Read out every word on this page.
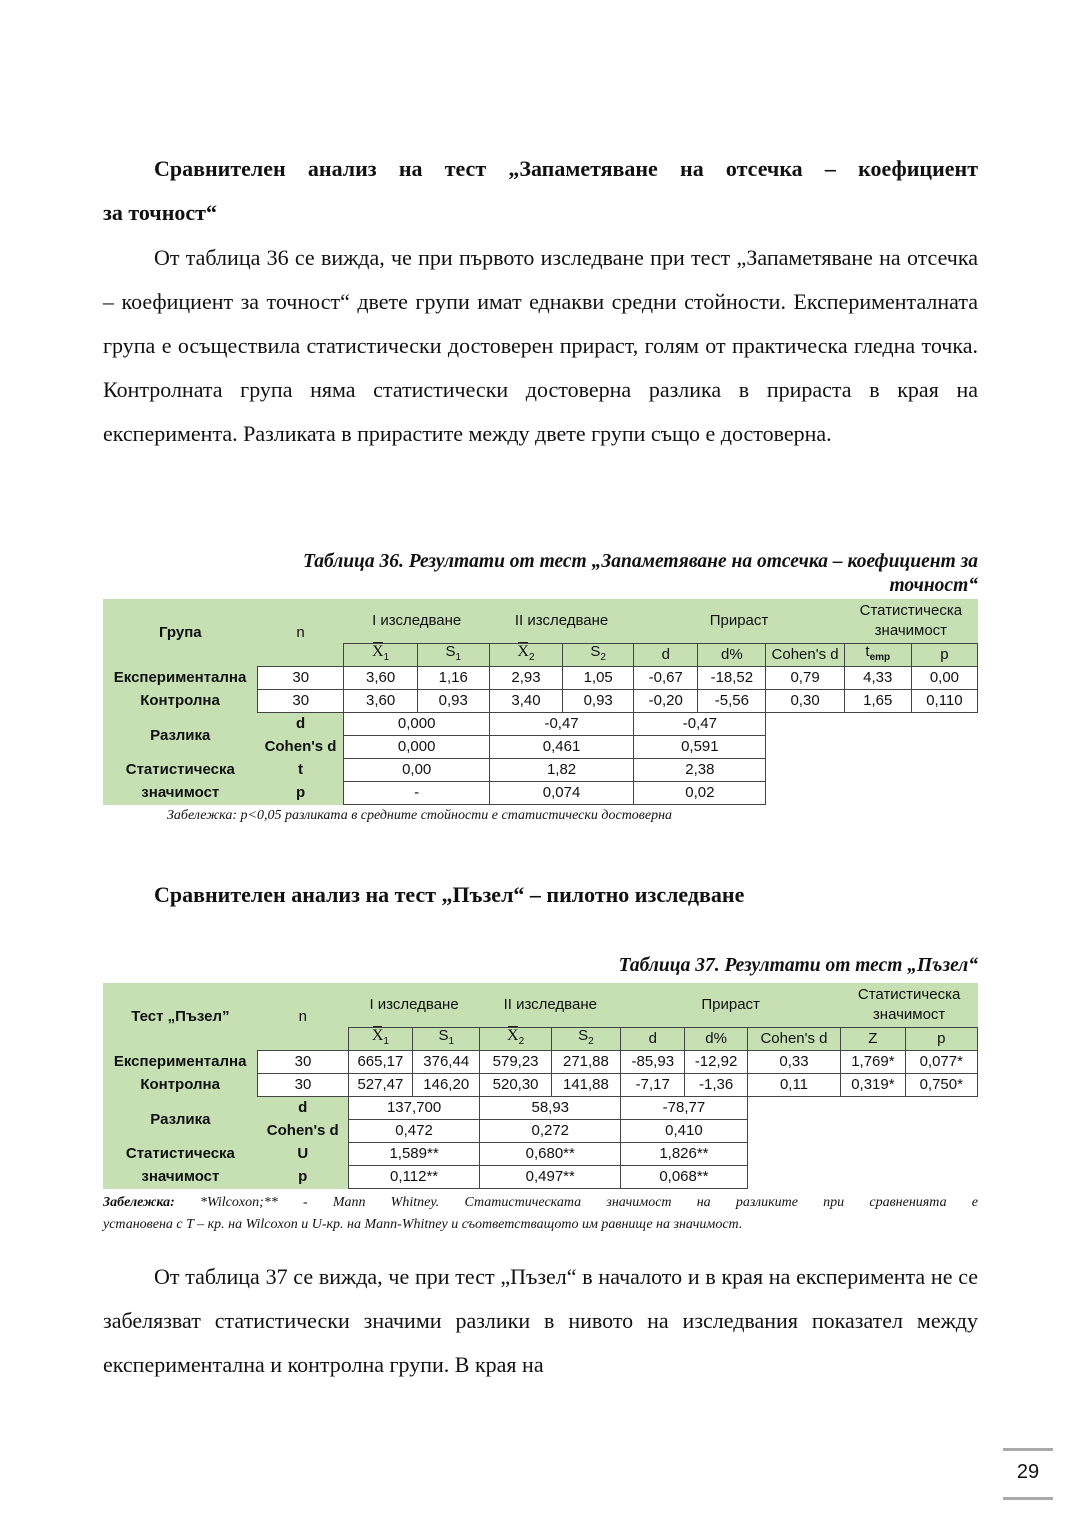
Сравнителен анализ на тест „Запаметяване на отсечка – коефициент
за точност“

От таблица 36 се вижда, че при първото изследване при тест „Запаметяване на отсечка – коефициент за точност“ двете групи имат еднакви средни стойности. Експерименталната група е осъществила статистически достоверен прираст, голям от практическа гледна точка. Контролната група няма статистически достоверна разлика в прираста в края на експеримента. Разликата в прирастите между двете групи също е достоверна.

Таблица 36. Резултати от тест „Запаметяване на отсечка – коефициент за
точност“
Група	n	I изследване		II изследване		Прираст			Статистическа значимост	
		$X_1$	$S_1$	$X_2$	$S_2$	d	d%	Cohen's d	$t_{emp}$	p
Експериментална	30	3,60	1,16	2,93	1,05	-0,67	-18,52	0,79	4,33	0,00
Контролна	30	3,60	0,93	3,40	0,93	-0,20	-5,56	0,30	1,65	0,110
Разлика	d	0,000		-0,47		-0,47				
	Cohen's d	0,000		0,461		0,591				
Статистическа	t	0,00		1,82		2,38				
значимост	p	-		0,074		0,02				
Забележка: p<0,05 разликата в средните стойности е статистически достоверна
Сравнителен анализ на тест „Пъзел“ – пилотно изследване
Таблица 37. Резултати от тест „Пъзел“
Тест „Пъзел”	n	I изследване		II изследване		Прираст			Статистическа значимост	
		$X_1$	$S_1$	$X_2$	$S_2$	d	d%	Cohen's d	Z	p
Експериментална	30	665,17	376,44	579,23	271,88	-85,93	-12,92	0,33	1,769*	0,077*
Контролна	30	527,47	146,20	520,30	141,88	-7,17	-1,36	0,11	0,319*	0,750*
Разлика	d	137,700		58,93		-78,77				
	Cohen's d	0,472		0,272		0,410				
Статистическа	U	1,589**		0,680**		1,826**				
значимост	p	0,112**		0,497**		0,068**				
Забележка: *Wilcoxon;** - Mann Whitney. Статистическата значимост на разликите при сравненията е
установена с T – кр. на Wilcoxon и U-кр. на Mann-Whitney и съответстващото им равнище на значимост.

От таблица 37 се вижда, че при тест „Пъзел“ в началото и в края на експеримента не се забелязват статистически значими разлики в нивото на изследвания показател между експериментална и контролна групи. В края на

29
